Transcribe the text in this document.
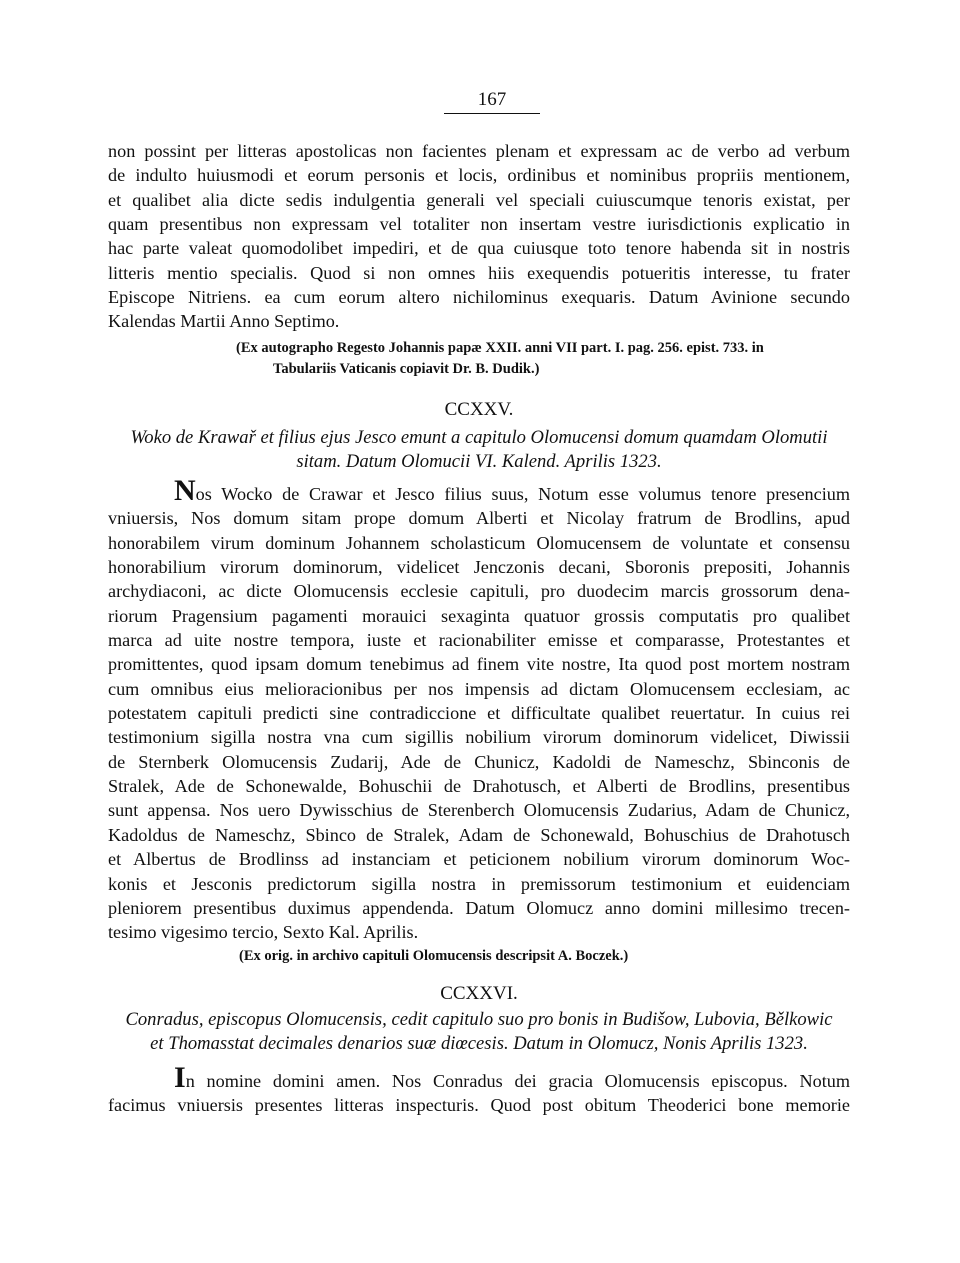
167
non possint per litteras apostolicas non facientes plenam et expressam ac de verbo ad verbum
de indulto huiusmodi et eorum personis et locis, ordinibus et nominibus propriis mentionem,
et qualibet alia dicte sedis indulgentia generali vel speciali cuiuscumque tenoris existat, per
quam presentibus non expressam vel totaliter non insertam vestre iurisdictionis explicatio in
hac parte valeat quomodolibet impediri, et de qua cuiusque toto tenore habenda sit in nostris
litteris mentio specialis. Quod si non omnes hiis exequendis potueritis interesse, tu frater
Episcope Nitriens. ea cum eorum altero nichilominus exequaris. Datum Avinione secundo
Kalendas Martii Anno Septimo.
(Ex autographo Regesto Johannis papæ XXII. anni VII part. I. pag. 256. epist. 733. in
Tabulariis Vaticanis copiavit Dr. B. Dudik.)
CCXXV.
Woko de Krawař et filius ejus Jesco emunt a capitulo Olomucensi domum quamdam Olomutii
sitam. Datum Olomucii VI. Kalend. Aprilis 1323.
Nos Wocko de Crawar et Jesco filius suus, Notum esse volumus tenore presencium
vniuersis, Nos domum sitam prope domum Alberti et Nicolay fratrum de Brodlins, apud
honorabilem virum dominum Johannem scholasticum Olomucensem de voluntate et consensu
honorabilium virorum dominorum, videlicet Jenczonis decani, Sboronis prepositi, Johannis
archydiaconi, ac dicte Olomucensis ecclesie capituli, pro duodecim marcis grossorum dena-
riorum Pragensium pagamenti morauici sexaginta quatuor grossis computatis pro qualibet
marca ad uite nostre tempora, iuste et racionabiliter emisse et comparasse, Protestantes et
promittentes, quod ipsam domum tenebimus ad finem vite nostre, Ita quod post mortem nostram
cum omnibus eius melioracionibus per nos impensis ad dictam Olomucensem ecclesiam, ac
potestatem capituli predicti sine contradiccione et difficultate qualibet reuertatur. In cuius rei
testimonium sigilla nostra vna cum sigillis nobilium virorum dominorum videlicet, Diwissii
de Sternberk Olomucensis Zudarij, Ade de Chunicz, Kadoldi de Nameschz, Sbinconis de
Stralek, Ade de Schonewalde, Bohuschii de Drahotusch, et Alberti de Brodlins, presentibus
sunt appensa. Nos uero Dywisschius de Sterenberch Olomucensis Zudarius, Adam de Chunicz,
Kadoldus de Nameschz, Sbinco de Stralek, Adam de Schonewald, Bohuschius de Drahotusch
et Albertus de Brodlinss ad instanciam et peticionem nobilium virorum dominorum Woc-
konis et Jesconis predictorum sigilla nostra in premissorum testimonium et euidenciam
pleniorem presentibus duximus appendenda. Datum Olomucz anno domini millesimo trecen-
tesimo vigesimo tercio, Sexto Kal. Aprilis.
(Ex orig. in archivo capituli Olomucensis descripsit A. Boczek.)
CCXXVI.
Conradus, episcopus Olomucensis, cedit capitulo suo pro bonis in Budišow, Lubovia, Bělkowic
et Thomasstat decimales denarios suæ diœcesis. Datum in Olomucz, Nonis Aprilis 1323.
In nomine domini amen. Nos Conradus dei gracia Olomucensis episcopus. Notum
facimus vniuersis presentes litteras inspecturis. Quod post obitum Theoderici bone memorie
